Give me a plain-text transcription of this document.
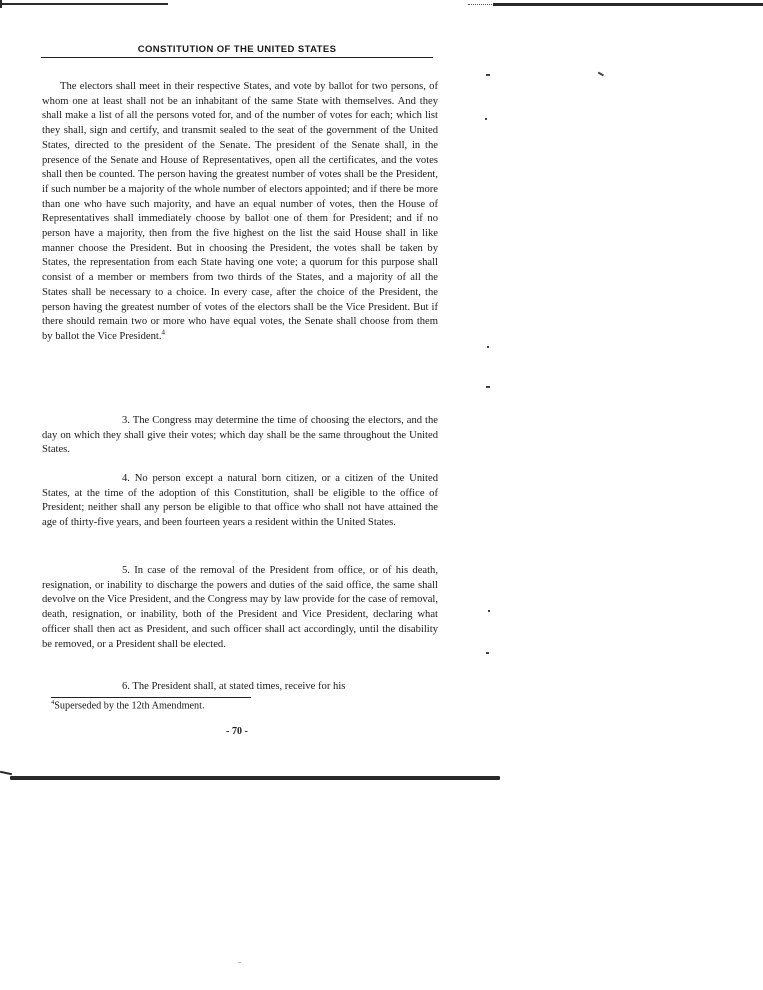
CONSTITUTION OF THE UNITED STATES

The electors shall meet in their respective States, and vote by ballot for two persons, of whom one at least shall not be an inhabitant of the same State with themselves. And they shall make a list of all the persons voted for, and of the number of votes for each; which list they shall, sign and certify, and transmit sealed to the seat of the government of the United States, directed to the president of the Senate. The president of the Senate shall, in the presence of the Senate and House of Representatives, open all the certificates, and the votes shall then be counted. The person having the greatest number of votes shall be the President, if such number be a majority of the whole number of electors appointed; and if there be more than one who have such majority, and have an equal number of votes, then the House of Representatives shall immediately choose by ballot one of them for President; and if no person have a majority, then from the five highest on the list the said House shall in like manner choose the President. But in choosing the President, the votes shall be taken by States, the representation from each State having one vote; a quorum for this purpose shall consist of a member or members from two thirds of the States, and a majority of all the States shall be necessary to a choice. In every case, after the choice of the President, the person having the greatest number of votes of the electors shall be the Vice President. But if there should remain two or more who have equal votes, the Senate shall choose from them by ballot the Vice President.$^4$

3. The Congress may determine the time of choosing the electors, and the day on which they shall give their votes; which day shall be the same throughout the United States.

4. No person except a natural born citizen, or a citizen of the United States, at the time of the adoption of this Constitution, shall be eligible to the office of President; neither shall any person be eligible to that office who shall not have attained the age of thirty-five years, and been fourteen years a resident within the United States.

5. In case of the removal of the President from office, or of his death, resignation, or inability to discharge the powers and duties of the said office, the same shall devolve on the Vice President, and the Congress may by law provide for the case of removal, death, resignation, or inability, both of the President and Vice President, declaring what officer shall then act as President, and such officer shall act accordingly, until the disability be removed, or a President shall be elected.

6. The President shall, at stated times, receive for his

$^4$Superseded by the 12th Amendment.
- 70 -
